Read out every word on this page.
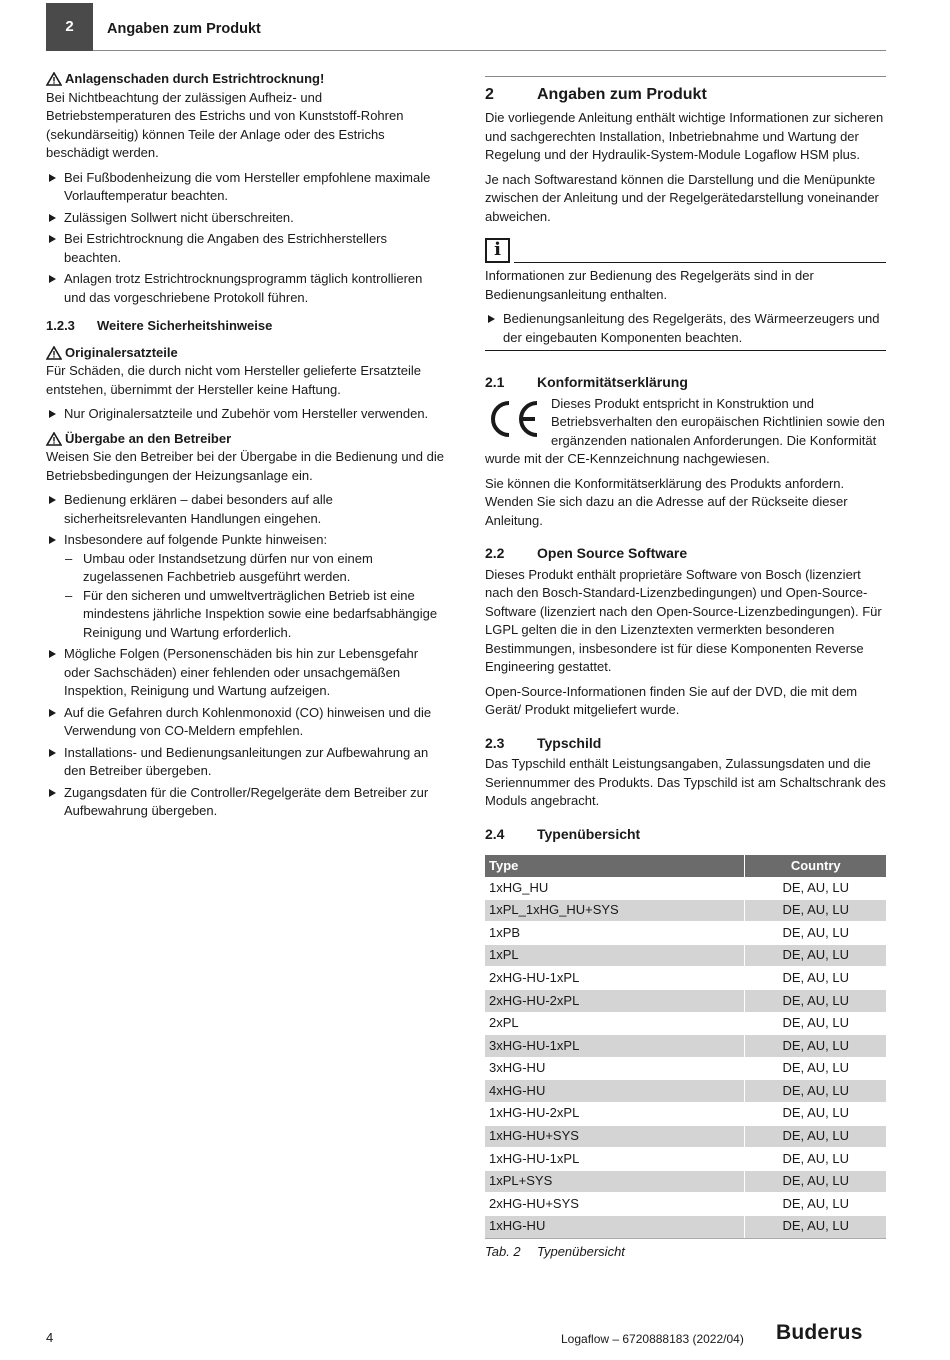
2	Angaben zum Produkt
Anlagenschaden durch Estrichtrocknung!

Bei Nichtbeachtung der zulässigen Aufheiz- und Betriebstemperaturen des Estrichs und von Kunststoff-Rohren (sekundärseitig) können Teile der Anlage oder des Estrichs beschädigt werden.

Bei Fußbodenheizung die vom Hersteller empfohlene maximale Vorlauftemperatur beachten.
Zulässigen Sollwert nicht überschreiten.
Bei Estrichtrocknung die Angaben des Estrichherstellers beachten.
Anlagen trotz Estrichtrocknungsprogramm täglich kontrollieren und das vorgeschriebene Protokoll führen.
1.2.3	Weitere Sicherheitshinweise
Originalersatzteile

Für Schäden, die durch nicht vom Hersteller gelieferte Ersatzteile entstehen, übernimmt der Hersteller keine Haftung.

Nur Originalersatzteile und Zubehör vom Hersteller verwenden.
Übergabe an den Betreiber

Weisen Sie den Betreiber bei der Übergabe in die Bedienung und die Betriebsbedingungen der Heizungsanlage ein.

Bedienung erklären – dabei besonders auf alle sicherheitsrelevanten Handlungen eingehen.
Insbesondere auf folgende Punkte hinweisen:
– Umbau oder Instandsetzung dürfen nur von einem zugelassenen Fachbetrieb ausgeführt werden.
– Für den sicheren und umweltverträglichen Betrieb ist eine mindestens jährliche Inspektion sowie eine bedarfsabhängige Reinigung und Wartung erforderlich.
Mögliche Folgen (Personenschäden bis hin zur Lebensgefahr oder Sachschäden) einer fehlenden oder unsachgemäßen Inspektion, Reinigung und Wartung aufzeigen.
Auf die Gefahren durch Kohlenmonoxid (CO) hinweisen und die Verwendung von CO-Meldern empfehlen.
Installations- und Bedienungsanleitungen zur Aufbewahrung an den Betreiber übergeben.
Zugangsdaten für die Controller/Regelgeräte dem Betreiber zur Aufbewahrung übergeben.
2	Angaben zum Produkt

Die vorliegende Anleitung enthält wichtige Informationen zur sicheren und sachgerechten Installation, Inbetriebnahme und Wartung der Regelung und der Hydraulik-System-Module Logaflow HSM plus.

Je nach Softwarestand können die Darstellung und die Menüpunkte zwischen der Anleitung und der Regelgerätedarstellung voneinander abweichen.

i

Informationen zur Bedienung des Regelgeräts sind in der Bedienungsanleitung enthalten.

Bedienungsanleitung des Regelgeräts, des Wärmeerzeugers und der eingebauten Komponenten beachten.
2.1	Konformitätserklärung

Dieses Produkt entspricht in Konstruktion und Betriebsverhalten den europäischen Richtlinien sowie den ergänzenden nationalen Anforderungen. Die Konformität wurde mit der CE-Kennzeichnung nachgewiesen.

Sie können die Konformitätserklärung des Produkts anfordern. Wenden Sie sich dazu an die Adresse auf der Rückseite dieser Anleitung.

2.2	Open Source Software

Dieses Produkt enthält proprietäre Software von Bosch (lizenziert nach den Bosch-Standard-Lizenzbedingungen) und Open-Source-Software (lizenziert nach den Open-Source-Lizenzbedingungen). Für LGPL gelten die in den Lizenztexten vermerkten besonderen Bestimmungen, insbesondere ist für diese Komponenten Reverse Engineering gestattet.

Open-Source-Informationen finden Sie auf der DVD, die mit dem Gerät/ Produkt mitgeliefert wurde.

2.3	Typschild

Das Typschild enthält Leistungsangaben, Zulassungsdaten und die Seriennummer des Produkts. Das Typschild ist am Schaltschrank des Moduls angebracht.

2.4	Typenübersicht
Type	Country
1xHG_HU	DE, AU, LU
1xPL_1xHG_HU+SYS	DE, AU, LU
1xPB	DE, AU, LU
1xPL	DE, AU, LU
2xHG-HU-1xPL	DE, AU, LU
2xHG-HU-2xPL	DE, AU, LU
2xPL	DE, AU, LU
3xHG-HU-1xPL	DE, AU, LU
3xHG-HU	DE, AU, LU
4xHG-HU	DE, AU, LU
1xHG-HU-2xPL	DE, AU, LU
1xHG-HU+SYS	DE, AU, LU
1xHG-HU-1xPL	DE, AU, LU
1xPL+SYS	DE, AU, LU
2xHG-HU+SYS	DE, AU, LU
1xHG-HU	DE, AU, LU
Tab. 2	Typenübersicht
4	Logaflow – 6720888183 (2022/04) Buderus
